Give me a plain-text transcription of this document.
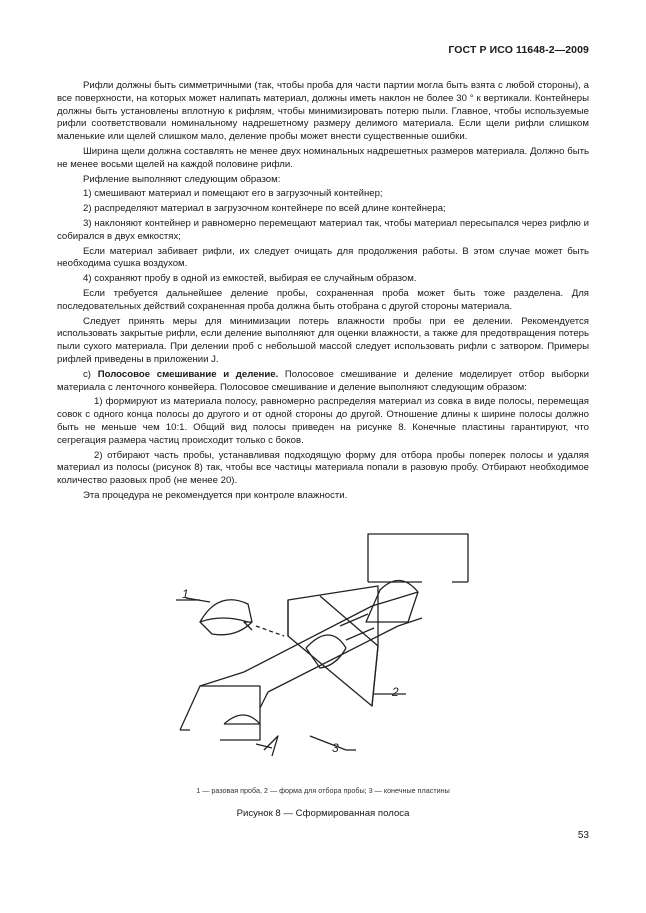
ГОСТ Р ИСО 11648-2—2009

Рифли должны быть симметричными (так, чтобы проба для части партии могла быть взята с любой стороны), а все поверхности, на которых может налипать материал, должны иметь наклон не более 30 ° к вертикали. Контейнеры должны быть установлены вплотную к рифлям, чтобы минимизировать потерю пыли. Главное, чтобы используемые рифли соответствовали номинальному надрешетному размеру делимого материала. Если щели рифли слишком маленькие или щелей слишком мало, деление пробы может внести существенные ошибки.

Ширина щели должна составлять не менее двух номинальных надрешетных размеров материала. Должно быть не менее восьми щелей на каждой половине рифли.

Рифление выполняют следующим образом:

1) смешивают материал и помещают его в загрузочный контейнер;

2) распределяют материал в загрузочном контейнере по всей длине контейнера;

3) наклоняют контейнер и равномерно перемещают материал так, чтобы материал пересыпался через рифлю и собирался в двух емкостях;

Если материал забивает рифли, их следует очищать для продолжения работы. В этом случае может быть необходима сушка воздухом.

4) сохраняют пробу в одной из емкостей, выбирая ее случайным образом.

Если требуется дальнейшее деление пробы, сохраненная проба может быть тоже разделена. Для последовательных действий сохраненная проба должна быть отобрана с другой стороны материала.

Следует принять меры для минимизации потерь влажности пробы при ее делении. Рекомендуется использовать закрытые рифли, если деление выполняют для оценки влажности, а также для предотвращения потерь пыли сухого материала. При делении проб с небольшой массой следует использовать рифли с затвором. Примеры рифлей приведены в приложении J.

c) Полосовое смешивание и деление. Полосовое смешивание и деление моделирует отбор выборки материала с ленточного конвейера. Полосовое смешивание и деление выполняют следующим образом:

1) формируют из материала полосу, равномерно распределяя материал из совка в виде полосы, перемещая совок с одного конца полосы до другого и от одной стороны до другой. Отношение длины к ширине полосы должно быть не меньше чем 10:1. Общий вид полосы приведен на рисунке 8. Конечные пластины гарантируют, что сегрегация размера частиц происходит только с боков.

2) отбирают часть пробы, устанавливая подходящую форму для отбора пробы поперек полосы и удаляя материал из полосы (рисунок 8) так, чтобы все частицы материала попали в разовую пробу. Отбирают необходимое количество разовых проб (не менее 20).

Эта процедура не рекомендуется при контроле влажности.

1
2
3
1 — разовая проба, 2 — форма для отбора пробы; 3 — конечные пластины
Рисунок 8 — Сформированная полоса
53
